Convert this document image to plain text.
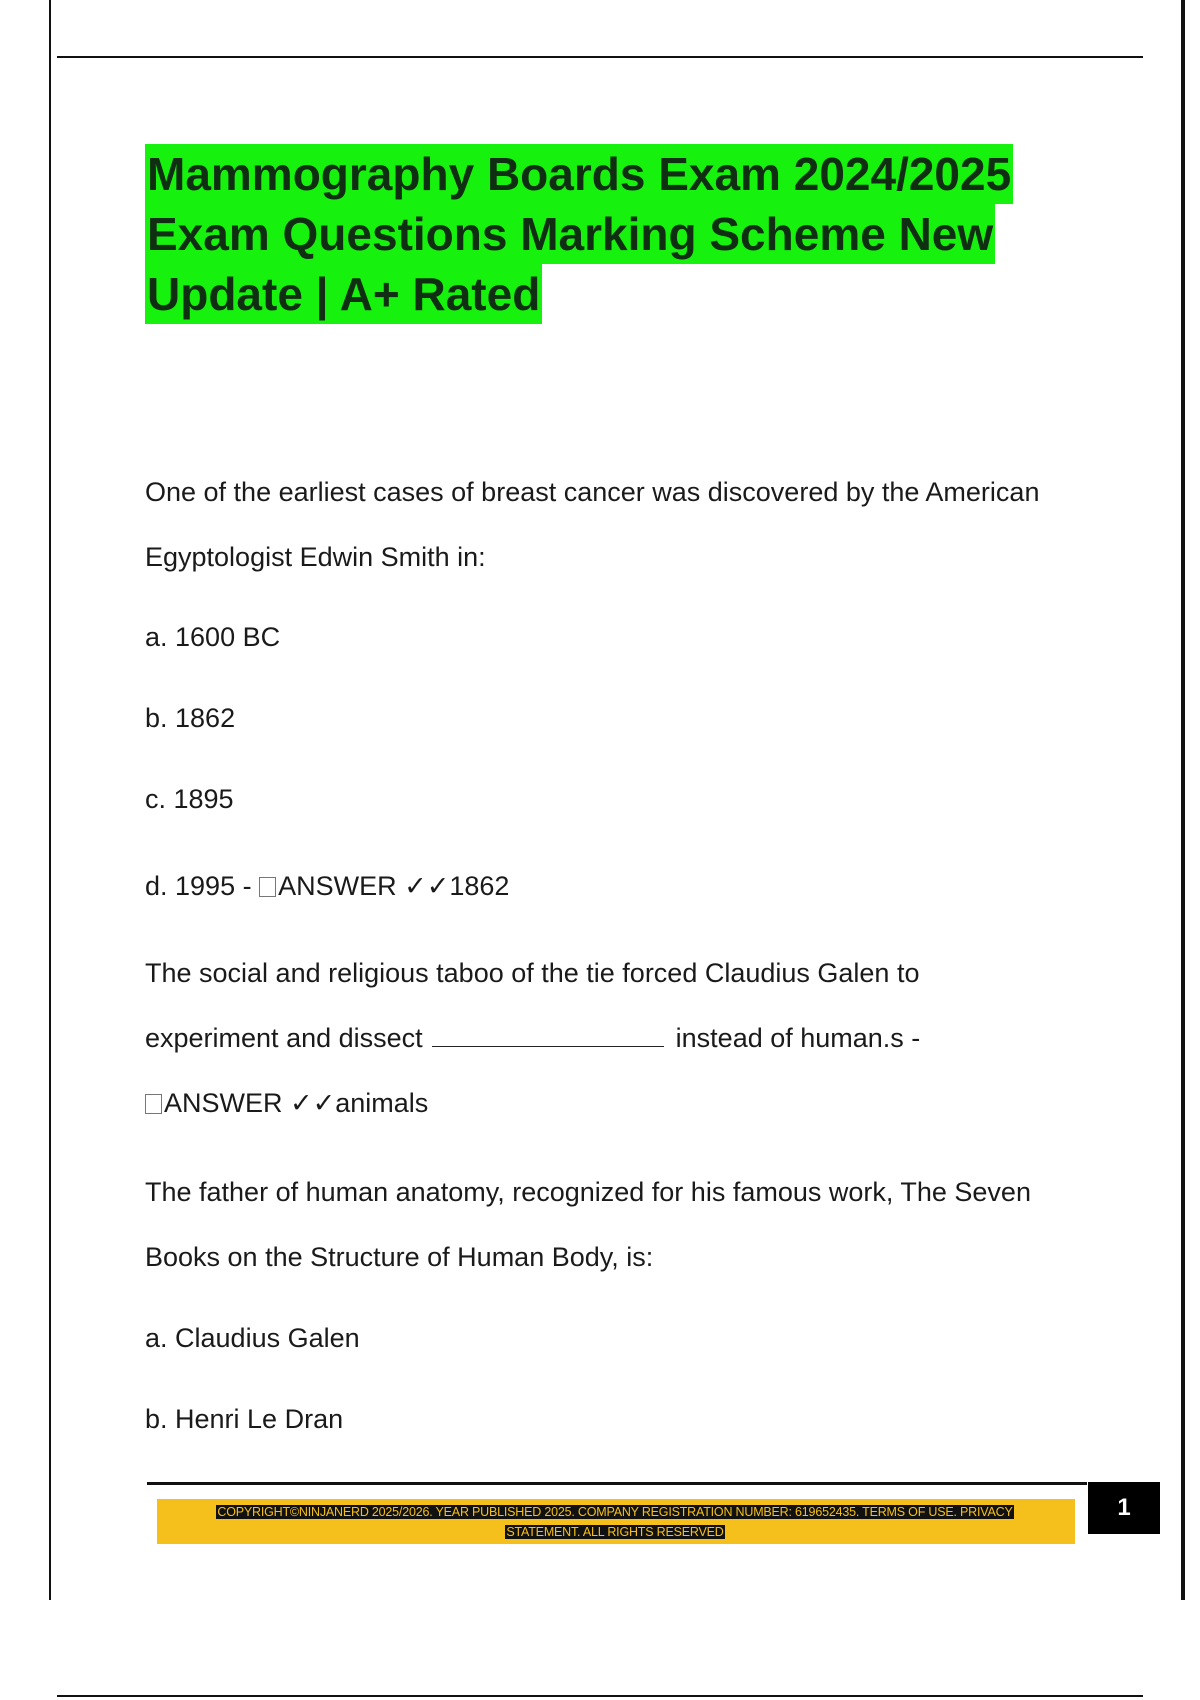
Mammography Boards Exam 2024/2025
Exam Questions Marking Scheme New
Update | A+ Rated

One of the earliest cases of breast cancer was discovered by the American

Egyptologist Edwin Smith in:

a. 1600 BC

b. 1862

c. 1895

d. 1995 - ANSWER ✓✓1862

The social and religious taboo of the tie forced Claudius Galen to

experiment and dissect	instead of human.s -

ANSWER ✓✓animals

The father of human anatomy, recognized for his famous work, The Seven

Books on the Structure of Human Body, is:

a. Claudius Galen

b. Henri Le Dran

COPYRIGHT©NINJANERD 2025/2026. YEAR PUBLISHED 2025. COMPANY REGISTRATION NUMBER: 619652435. TERMS OF USE. PRIVACY
STATEMENT. ALL RIGHTS RESERVED
1
